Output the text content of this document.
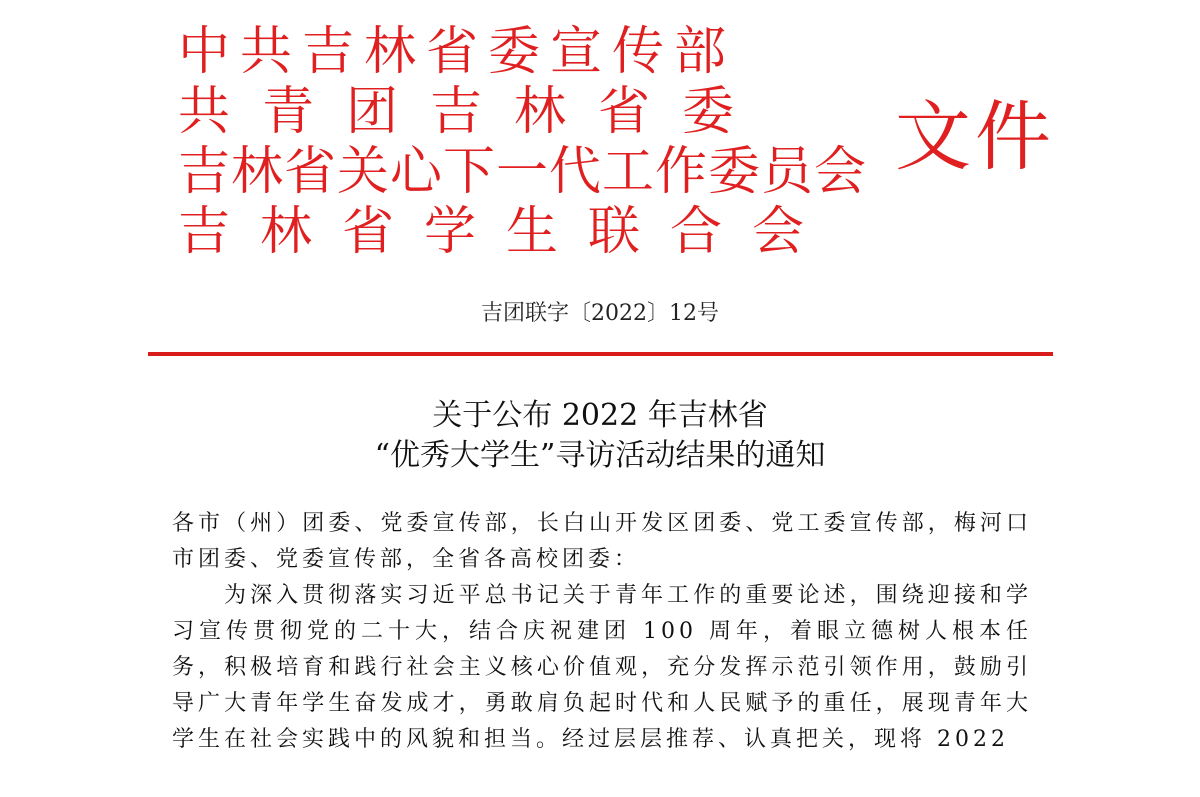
中共吉林省委宣传部
共青团吉林省委
吉林省关心下一代工作委员会
吉林省学生联合会
文件
吉团联字〔2022〕12号
关于公布 2022 年吉林省
“优秀大学生”寻访活动结果的通知

各市（州）团委、党委宣传部，长白山开发区团委、党工委宣传部，梅河口市团委、党委宣传部，全省各高校团委：

为深入贯彻落实习近平总书记关于青年工作的重要论述，围绕迎接和学习宣传贯彻党的二十大，结合庆祝建团 100 周年，着眼立德树人根本任务，积极培育和践行社会主义核心价值观，充分发挥示范引领作用，鼓励引导广大青年学生奋发成才，勇敢肩负起时代和人民赋予的重任，展现青年大学生在社会实践中的风貌和担当。经过层层推荐、认真把关，现将 2022
